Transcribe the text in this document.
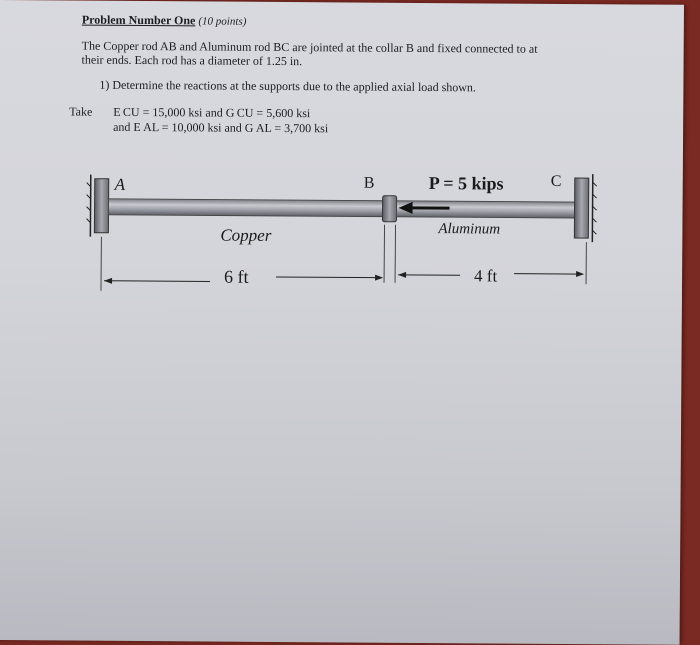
Problem Number One (10 points)
The Copper rod AB and Aluminum rod BC are jointed at the collar B and fixed connected to at
their ends. Each rod has a diameter of 1.25 in.
1) Determine the reactions at the supports due to the applied axial load shown.
Take E CU = 15,000 ksi and G CU = 5,600 ksi
and E AL = 10,000 ksi and G AL = 3,700 ksi
A	B	C
P = 5 kips
Copper	Aluminum
6 ft	4 ft
